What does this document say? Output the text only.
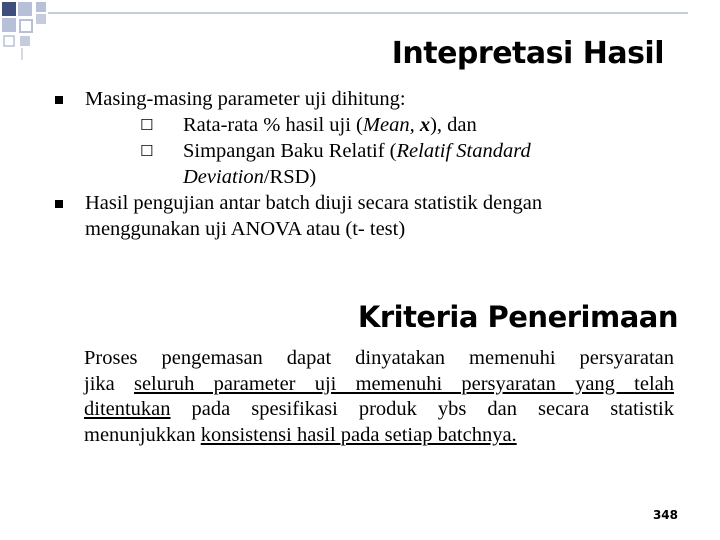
Intepretasi Hasil
Masing-masing parameter uji dihitung:
☐ Rata-rata % hasil uji (Mean, x), dan
☐ Simpangan Baku Relatif (Relatif Standard
Deviation/RSD)
Hasil pengujian antar batch diuji secara statistik dengan
menggunakan uji ANOVA atau (t- test)
Kriteria Penerimaan
Proses pengemasan dapat dinyatakan memenuhi persyaratan
jika seluruh parameter uji memenuhi persyaratan yang telah
ditentukan pada spesifikasi produk ybs dan secara statistik
menunjukkan konsistensi hasil pada setiap batchnya.
348
